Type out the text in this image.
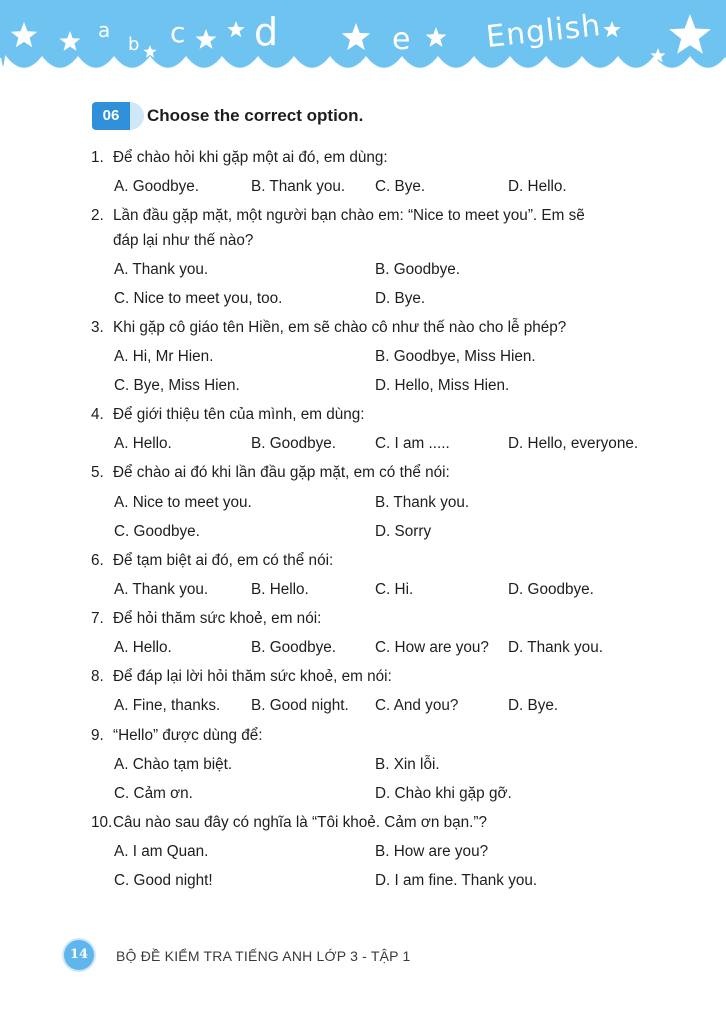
a
b c d	e English
06	Choose the correct option.
1. Để chào hỏi khi gặp một ai đó, em dùng:
A. Goodbye.	B. Thank you. C. Bye.	D. Hello.
2. Lần đầu gặp mặt, một người bạn chào em: “Nice to meet you”. Em sẽ
đáp lại như thế nào?
A. Thank you.	B. Goodbye.
C. Nice to meet you, too.	D. Bye.
3. Khi gặp cô giáo tên Hiền, em sẽ chào cô như thế nào cho lễ phép?
A. Hi, Mr Hien.	B. Goodbye, Miss Hien.
C. Bye, Miss Hien.	D. Hello, Miss Hien.
4. Để giới thiệu tên của mình, em dùng:
A. Hello.	B. Goodbye.	C. I am .....	D. Hello, everyone.
5. Để chào ai đó khi lần đầu gặp mặt, em có thể nói:
A. Nice to meet you.	B. Thank you.
C. Goodbye.	D. Sorry
6. Để tạm biệt ai đó, em có thể nói:
A. Thank you.	B. Hello.	C. Hi.	D. Goodbye.
7. Để hỏi thăm sức khoẻ, em nói:
A. Hello.	B. Goodbye.	C. How are you? D. Thank you.
8. Để đáp lại lời hỏi thăm sức khoẻ, em nói:
A. Fine, thanks. B. Good night. C. And you?	D. Bye.
9. “Hello” được dùng để:
A. Chào tạm biệt.	B. Xin lỗi.
C. Cảm ơn.	D. Chào khi gặp gỡ.
10.Câu nào sau đây có nghĩa là “Tôi khoẻ. Cảm ơn bạn.”?
A. I am Quan.	B. How are you?
C. Good night!	D. I am fine. Thank you.
14	BỘ ĐỀ KIỂM TRA TIẾNG ANH LỚP 3 - TẬP 1
